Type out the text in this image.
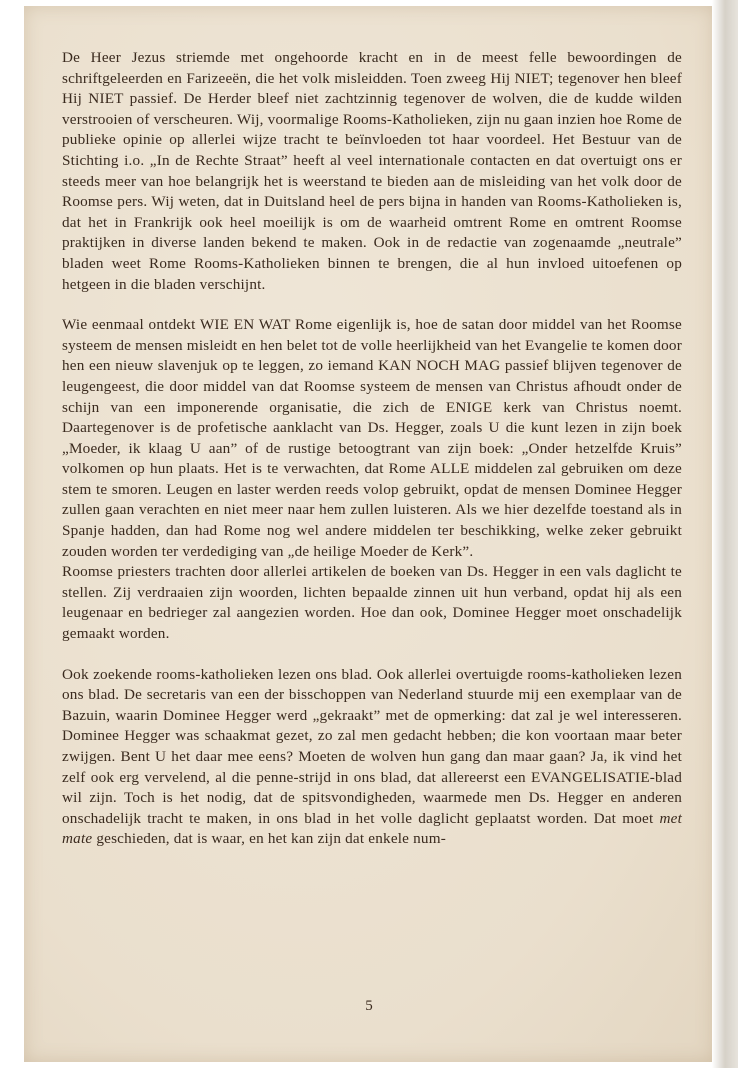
De Heer Jezus striemde met ongehoorde kracht en in de meest felle bewoordingen de schriftgeleerden en Farizeeën, die het volk misleidden. Toen zweeg Hij NIET; tegenover hen bleef Hij NIET passief. De Herder bleef niet zachtzinnig tegenover de wolven, die de kudde wilden verstrooien of verscheuren. Wij, voormalige Rooms-Katholieken, zijn nu gaan inzien hoe Rome de publieke opinie op allerlei wijze tracht te beïnvloeden tot haar voordeel. Het Bestuur van de Stichting i.o. „In de Rechte Straat” heeft al veel internationale contacten en dat overtuigt ons er steeds meer van hoe belangrijk het is weerstand te bieden aan de misleiding van het volk door de Roomse pers. Wij weten, dat in Duitsland heel de pers bijna in handen van Rooms-Katholieken is, dat het in Frankrijk ook heel moeilijk is om de waarheid omtrent Rome en omtrent Roomse praktijken in diverse landen bekend te maken. Ook in de redactie van zogenaamde „neutrale” bladen weet Rome Rooms-Katholieken binnen te brengen, die al hun invloed uitoefenen op hetgeen in die bladen verschijnt.

Wie eenmaal ontdekt WIE EN WAT Rome eigenlijk is, hoe de satan door middel van het Roomse systeem de mensen misleidt en hen belet tot de volle heerlijkheid van het Evangelie te komen door hen een nieuw slavenjuk op te leggen, zo iemand KAN NOCH MAG passief blijven tegenover de leugengeest, die door middel van dat Roomse systeem de mensen van Christus afhoudt onder de schijn van een imponerende organisatie, die zich de ENIGE kerk van Christus noemt. Daartegenover is de profetische aanklacht van Ds. Hegger, zoals U die kunt lezen in zijn boek „Moeder, ik klaag U aan” of de rustige betoogtrant van zijn boek: „Onder hetzelfde Kruis” volkomen op hun plaats. Het is te verwachten, dat Rome ALLE middelen zal gebruiken om deze stem te smoren. Leugen en laster werden reeds volop gebruikt, opdat de mensen Dominee Hegger zullen gaan verachten en niet meer naar hem zullen luisteren. Als we hier dezelfde toestand als in Spanje hadden, dan had Rome nog wel andere middelen ter beschikking, welke zeker gebruikt zouden worden ter verdediging van „de heilige Moeder de Kerk”.

Roomse priesters trachten door allerlei artikelen de boeken van Ds. Hegger in een vals daglicht te stellen. Zij verdraaien zijn woorden, lichten bepaalde zinnen uit hun verband, opdat hij als een leugenaar en bedrieger zal aangezien worden. Hoe dan ook, Dominee Hegger moet onschadelijk gemaakt worden.

Ook zoekende rooms-katholieken lezen ons blad. Ook allerlei overtuigde rooms-katholieken lezen ons blad. De secretaris van een der bisschoppen van Nederland stuurde mij een exemplaar van de Bazuin, waarin Dominee Hegger werd „gekraakt” met de opmerking: dat zal je wel interesseren. Dominee Hegger was schaakmat gezet, zo zal men gedacht hebben; die kon voortaan maar beter zwijgen. Bent U het daar mee eens? Moeten de wolven hun gang dan maar gaan? Ja, ik vind het zelf ook erg vervelend, al die penne-strijd in ons blad, dat allereerst een EVANGELISATIE-blad wil zijn. Toch is het nodig, dat de spitsvondigheden, waarmede men Ds. Hegger en anderen onschadelijk tracht te maken, in ons blad in het volle daglicht geplaatst worden. Dat moet met mate geschieden, dat is waar, en het kan zijn dat enkele num-

5
